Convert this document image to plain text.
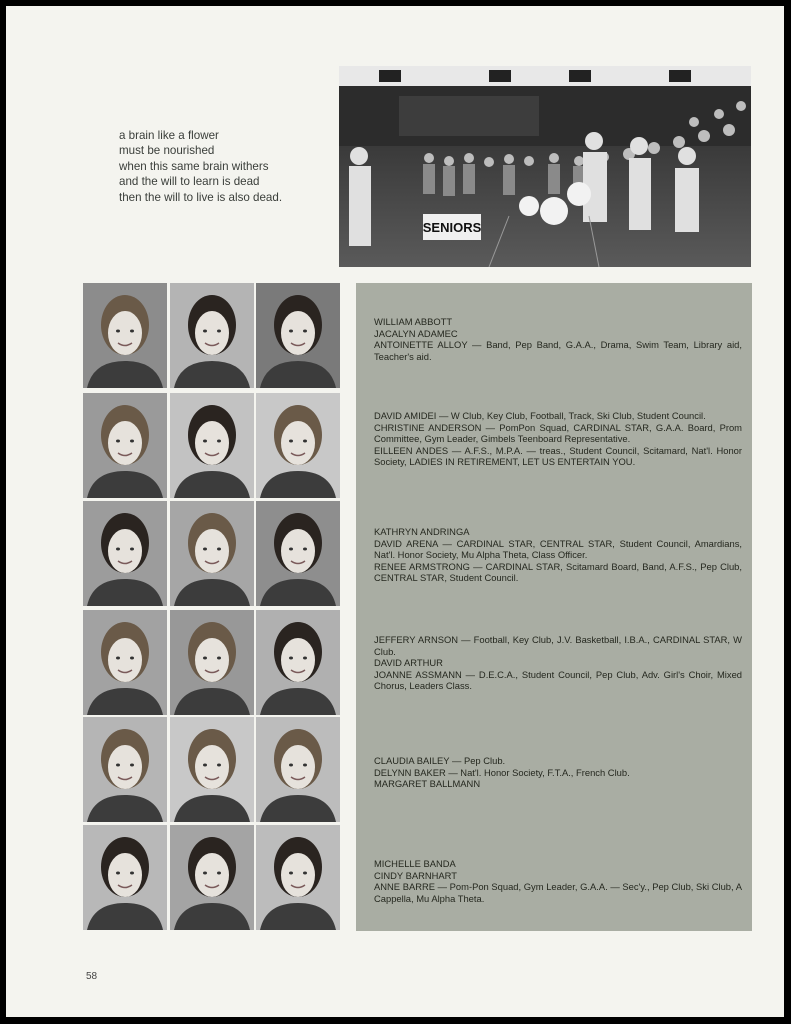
a brain like a flower
must be nourished
when this same brain withers
and the will to learn is dead
then the will to live is also dead.
SENIORS
WILLIAM ABBOTT
JACALYN ADAMEC
ANTOINETTE ALLOY — Band, Pep Band, G.A.A., Drama, Swim Team, Library aid, Teacher's aid.
DAVID AMIDEI — W Club, Key Club, Football, Track, Ski Club, Student Council.
CHRISTINE ANDERSON — PomPon Squad, CARDINAL STAR, G.A.A. Board, Prom Committee, Gym Leader, Gimbels Teenboard Representative.
EILLEEN ANDES — A.F.S., M.P.A. — treas., Student Council, Scitamard, Nat'l. Honor Society, LADIES IN RETIREMENT, LET US ENTERTAIN YOU.
KATHRYN ANDRINGA
DAVID ARENA — CARDINAL STAR, CENTRAL STAR, Student Council, Amardians, Nat'l. Honor Society, Mu Alpha Theta, Class Officer.
RENEE ARMSTRONG — CARDINAL STAR, Scitamard Board, Band, A.F.S., Pep Club, CENTRAL STAR, Student Council.
JEFFERY ARNSON — Football, Key Club, J.V. Basketball, I.B.A., CARDINAL STAR, W Club.
DAVID ARTHUR
JOANNE ASSMANN — D.E.C.A., Student Council, Pep Club, Adv. Girl's Choir, Mixed Chorus, Leaders Class.
CLAUDIA BAILEY — Pep Club.
DELYNN BAKER — Nat'l. Honor Society, F.T.A., French Club.
MARGARET BALLMANN
MICHELLE BANDA
CINDY BARNHART
ANNE BARRE — Pom-Pon Squad, Gym Leader, G.A.A. — Sec'y., Pep Club, Ski Club, A Cappella, Mu Alpha Theta.
58
